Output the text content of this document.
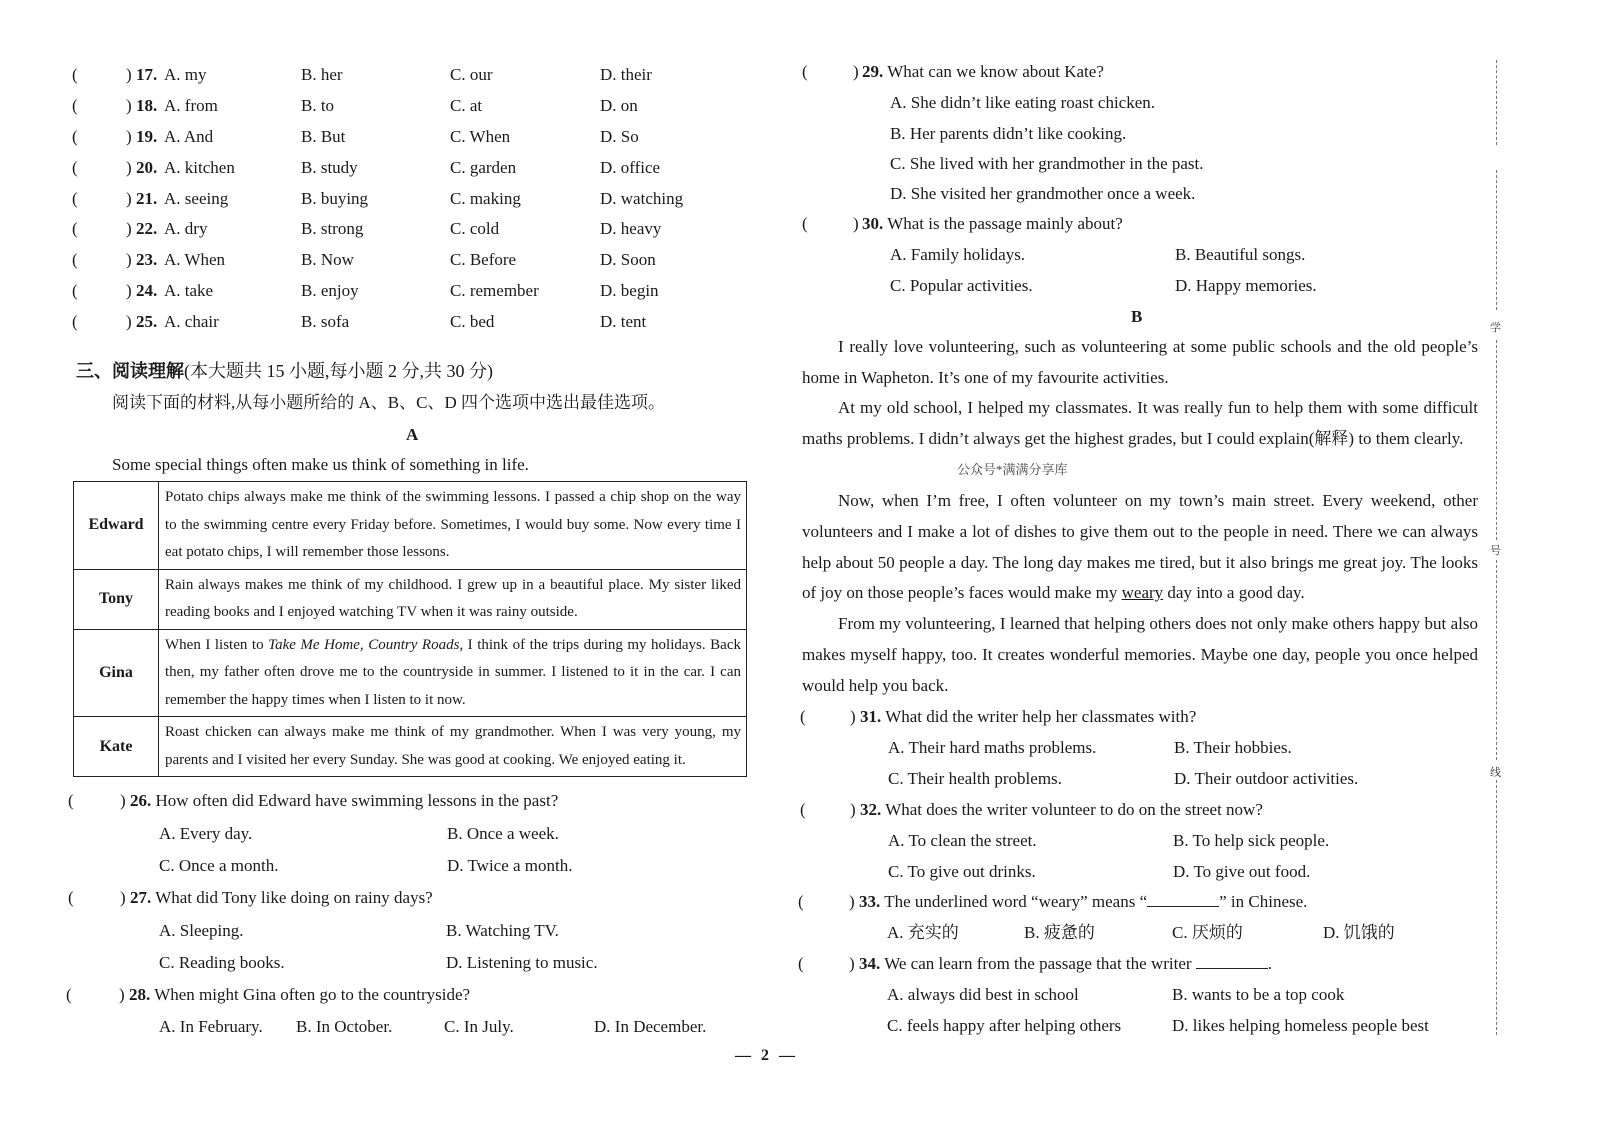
(	) 17. A. my	B. her	C. our	D. their
(	) 18. A. from	B. to	C. at	D. on
(	) 19. A. And	B. But	C. When	D. So
(	) 20. A. kitchen	B. study	C. garden	D. office
(	) 21. A. seeing	B. buying	C. making	D. watching
(	) 22. A. dry	B. strong	C. cold	D. heavy
(	) 23. A. When	B. Now	C. Before	D. Soon
(	) 24. A. take	B. enjoy	C. remember	D. begin
(	) 25. A. chair	B. sofa	C. bed	D. tent
三、阅读理解(本大题共 15 小题,每小题 2 分,共 30 分)
阅读下面的材料,从每小题所给的 A、B、C、D 四个选项中选出最佳选项。
A
Some special things often make us think of something in life.
Edward	Potato chips always make me think of the swimming lessons. I passed a chip shop on the way to the swimming centre every Friday before. Sometimes, I would buy some. Now every time I eat potato chips, I will remember those lessons.
Tony	Rain always makes me think of my childhood. I grew up in a beautiful place. My sister liked reading books and I enjoyed watching TV when it was rainy outside.
Gina	When I listen to Take Me Home, Country Roads, I think of the trips during my holidays. Back then, my father often drove me to the countryside in summer. I listened to it in the car. I can remember the happy times when I listen to it now.
Kate	Roast chicken can always make me think of my grandmother. When I was very young, my parents and I visited her every Sunday. She was good at cooking. We enjoyed eating it.
(	) 26. How often did Edward have swimming lessons in the past?
A. Every day.	B. Once a week.
C. Once a month.	D. Twice a month.
(	) 27. What did Tony like doing on rainy days?
A. Sleeping.	B. Watching TV.
C. Reading books.	D. Listening to music.
(	) 28. When might Gina often go to the countryside?
A. In February. B. In October.	C. In July.	D. In December.
(	) 29. What can we know about Kate?
A. She didn’t like eating roast chicken.
B. Her parents didn’t like cooking.
C. She lived with her grandmother in the past.
D. She visited her grandmother once a week.
(	) 30. What is the passage mainly about?
A. Family holidays.	B. Beautiful songs.
C. Popular activities.	D. Happy memories.
B
I really love volunteering, such as volunteering at some public schools and the old people’s home in Wapheton. It’s one of my favourite activities.
At my old school, I helped my classmates. It was really fun to help them with some difficult maths problems. I didn’t always get the highest grades, but I could explain(解释) to them clearly.
公众号*满满分享库
Now, when I’m free, I often volunteer on my town’s main street. Every weekend, other volunteers and I make a lot of dishes to give them out to the people in need. There we can always help about 50 people a day. The long day makes me tired, but it also brings me great joy. The looks of joy on those people’s faces would make my weary day into a good day.
From my volunteering, I learned that helping others does not only make others happy but also makes myself happy, too. It creates wonderful memories. Maybe one day, people you once helped would help you back.
(	) 31. What did the writer help her classmates with?
A. Their hard maths problems.	B. Their hobbies.
C. Their health problems.	D. Their outdoor activities.
(	) 32. What does the writer volunteer to do on the street now?
A. To clean the street.	B. To help sick people.
C. To give out drinks.	D. To give out food.
(	) 33. The underlined word “weary” means “	” in Chinese.
A. 充实的	B. 疲惫的	C. 厌烦的	D. 饥饿的
(	) 34. We can learn from the passage that the writer	.
A. always did best in school	B. wants to be a top cook
C. feels happy after helping others	D. likes helping homeless people best
学
号
线
— 2 —
